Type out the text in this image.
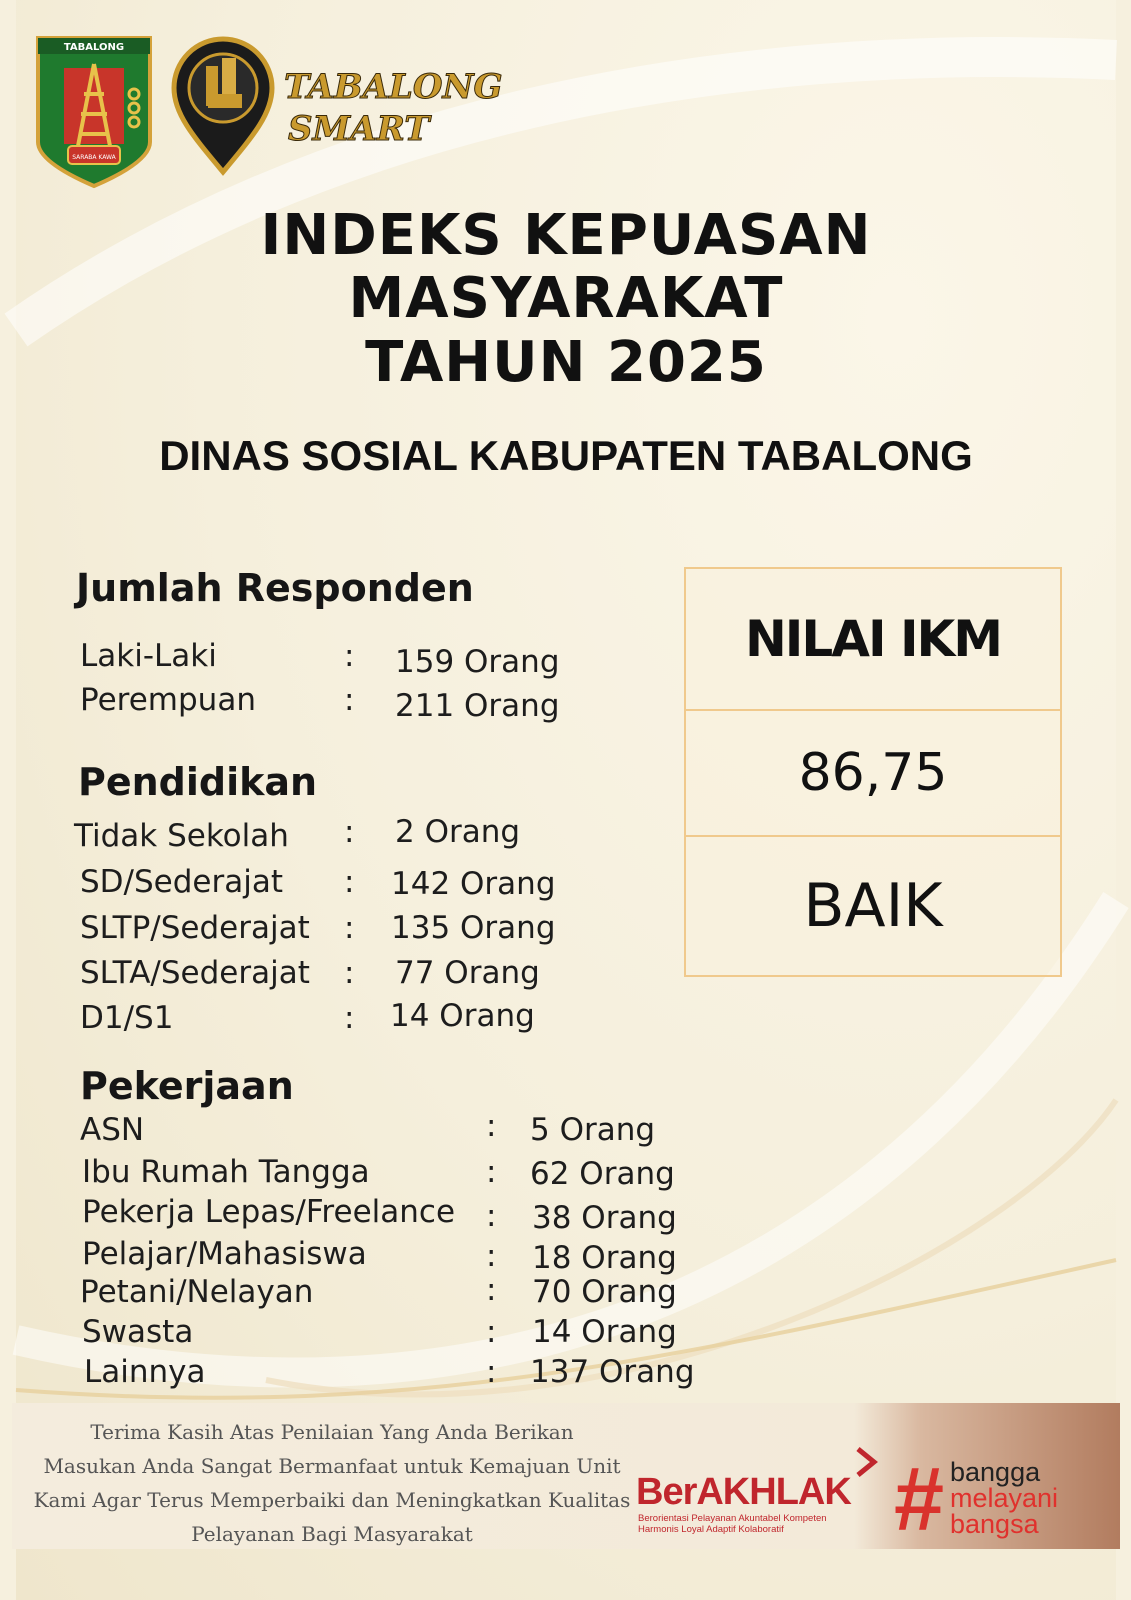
TABALONG
SARABA KAWA
TABALONG
SMART
INDEKS KEPUASAN
MASYARAKAT
TAHUN 2025
DINAS SOSIAL KABUPATEN TABALONG
Jumlah Responden
Laki-Laki	: 159 Orang
Perempuan	: 211 Orang
Pendidikan
Tidak Sekolah : 2 Orang
SD/Sederajat : 142 Orang
SLTP/Sederajat : 135 Orang
SLTA/Sederajat : 77 Orang
D1/S1	: 14 Orang
Pekerjaan
ASN	: 5 Orang
Ibu Rumah Tangga	: 62 Orang
Pekerja Lepas/Freelance : 38 Orang
Pelajar/Mahasiswa	: 18 Orang
Petani/Nelayan	: 70 Orang
Swasta	: 14 Orang
Lainnya	: 137 Orang
NILAI IKM
86,75
BAIK
Terima Kasih Atas Penilaian Yang Anda Berikan
Masukan Anda Sangat Bermanfaat untuk Kemajuan Unit
Kami Agar Terus Memperbaiki dan Meningkatkan Kualitas
Pelayanan Bagi Masyarakat
BerAKHLAK
Berorientasi Pelayanan Akuntabel Kompeten
Harmonis Loyal Adaptif Kolaboratif	# bangga
melayani
bangsa
